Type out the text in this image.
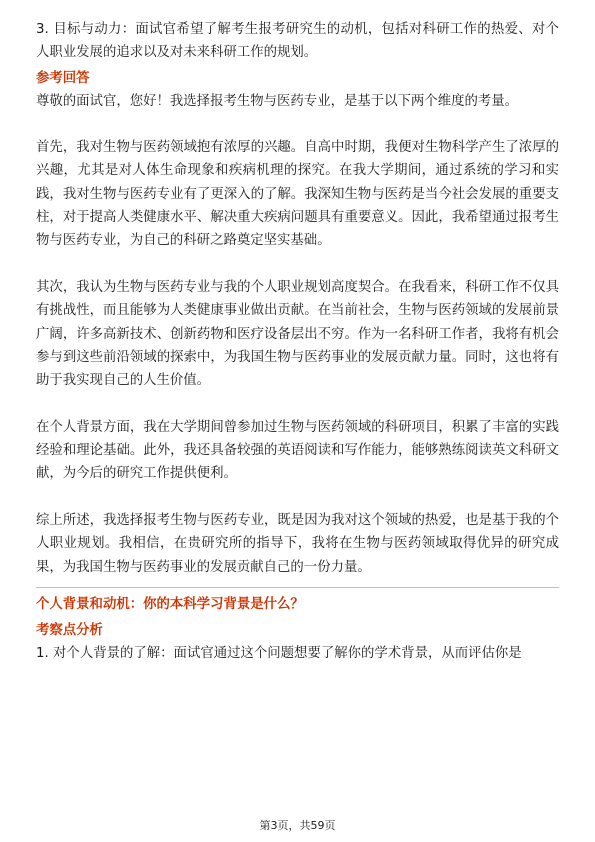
3. 目标与动力：面试官希望了解考生报考研究生的动机，包括对科研工作的热爱、对个人职业发展的追求以及对未来科研工作的规划。

参考回答

尊敬的面试官，您好！我选择报考生物与医药专业，是基于以下两个维度的考量。

首先，我对生物与医药领域抱有浓厚的兴趣。自高中时期，我便对生物科学产生了浓厚的兴趣，尤其是对人体生命现象和疾病机理的探究。在我大学期间，通过系统的学习和实践，我对生物与医药专业有了更深入的了解。我深知生物与医药是当今社会发展的重要支柱，对于提高人类健康水平、解决重大疾病问题具有重要意义。因此，我希望通过报考生物与医药专业，为自己的科研之路奠定坚实基础。

其次，我认为生物与医药专业与我的个人职业规划高度契合。在我看来，科研工作不仅具有挑战性，而且能够为人类健康事业做出贡献。在当前社会，生物与医药领域的发展前景广阔，许多高新技术、创新药物和医疗设备层出不穷。作为一名科研工作者，我将有机会参与到这些前沿领域的探索中，为我国生物与医药事业的发展贡献力量。同时，这也将有助于我实现自己的人生价值。

在个人背景方面，我在大学期间曾参加过生物与医药领域的科研项目，积累了丰富的实践经验和理论基础。此外，我还具备较强的英语阅读和写作能力，能够熟练阅读英文科研文献，为今后的研究工作提供便利。

综上所述，我选择报考生物与医药专业，既是因为我对这个领域的热爱，也是基于我的个人职业规划。我相信，在贵研究所的指导下，我将在生物与医药领域取得优异的研究成果，为我国生物与医药事业的发展贡献自己的一份力量。

个人背景和动机：你的本科学习背景是什么？

考察点分析

1. 对个人背景的了解：面试官通过这个问题想要了解你的学术背景，从而评估你是

第3页，共59页
